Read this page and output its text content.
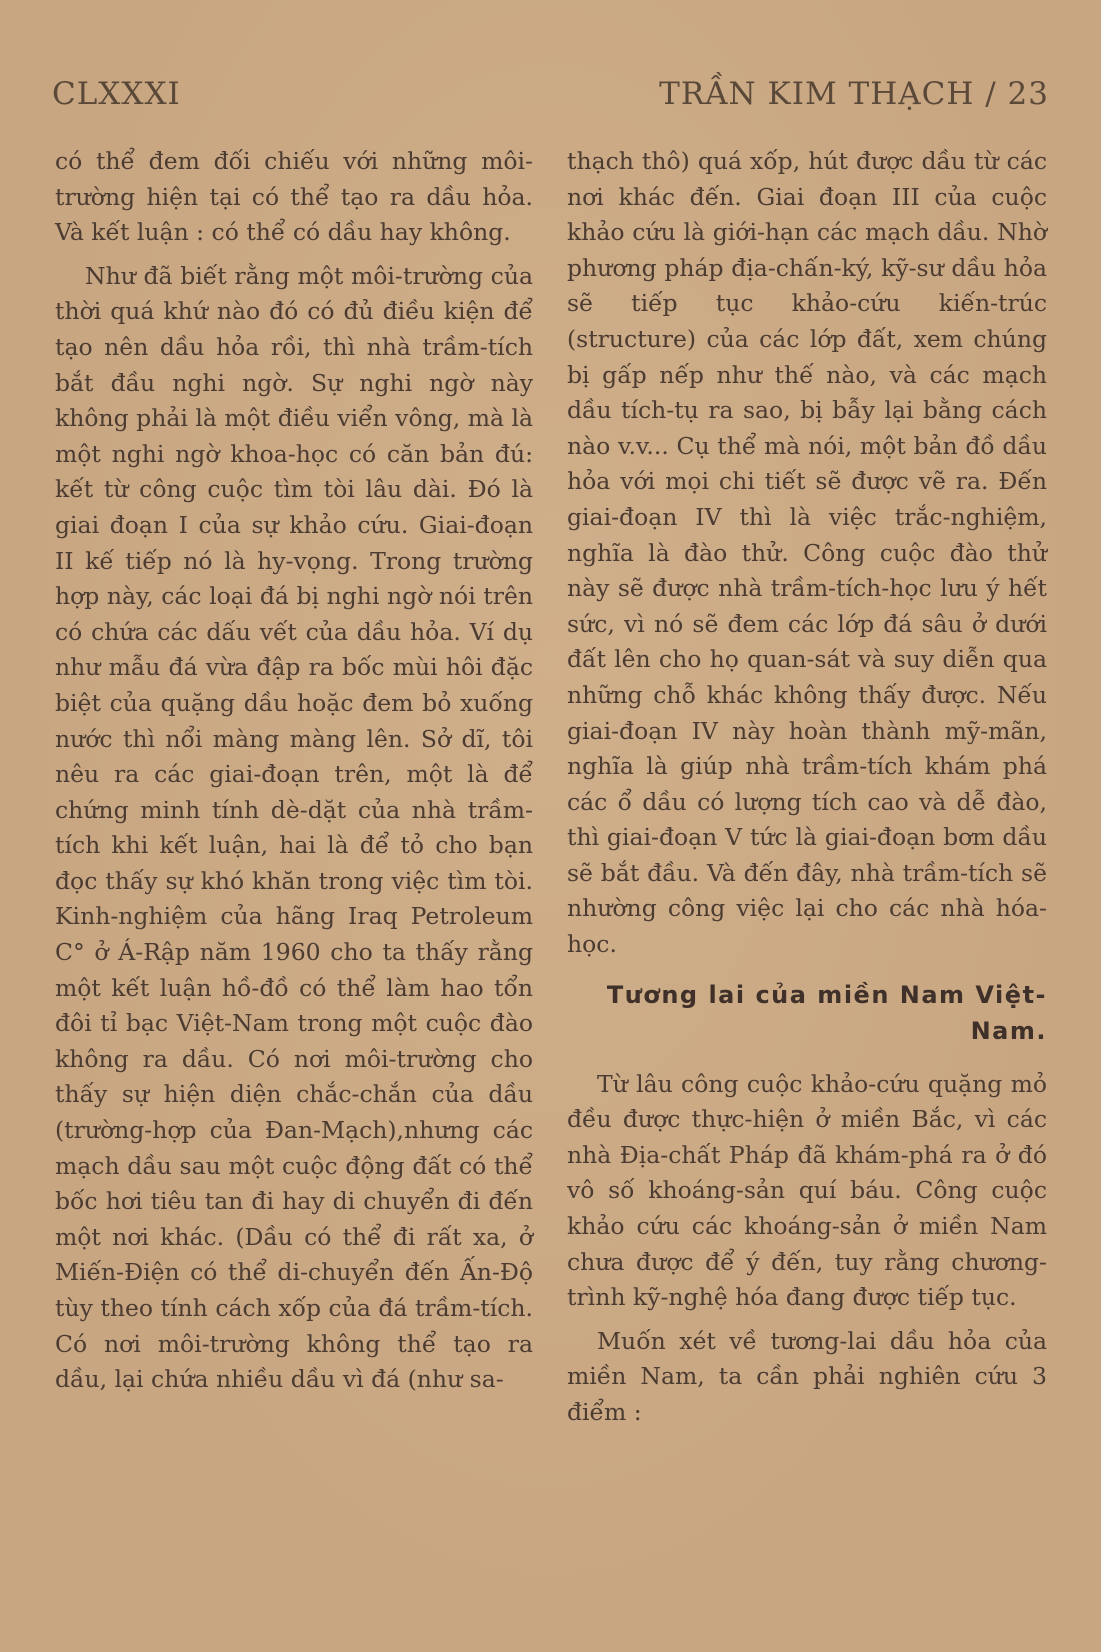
CLXXXI	TRẦN KIM THẠCH / 23

có thể đem đối chiếu với những môi-trường hiện tại có thể tạo ra dầu hỏa. Và kết luận : có thể có dầu hay không.

Như đã biết rằng một môi-trường của thời quá khứ nào đó có đủ điều kiện để tạo nên dầu hỏa rồi, thì nhà trầm-tích bắt đầu nghi ngờ. Sự nghi ngờ này không phải là một điều viển vông, mà là một nghi ngờ khoa-học có căn bản đú: kết từ công cuộc tìm tòi lâu dài. Đó là giai đoạn I của sự khảo cứu. Giai-đoạn II kế tiếp nó là hy-vọng. Trong trường hợp này, các loại đá bị nghi ngờ nói trên có chứa các dấu vết của dầu hỏa. Ví dụ như mẫu đá vừa đập ra bốc mùi hôi đặc biệt của quặng dầu hoặc đem bỏ xuống nước thì nổi màng màng lên. Sở dĩ, tôi nêu ra các giai-đoạn trên, một là để chứng minh tính dè-dặt của nhà trầm-tích khi kết luận, hai là để tỏ cho bạn đọc thấy sự khó khăn trong việc tìm tòi. Kinh-nghiệm của hãng Iraq Petroleum C° ở Á-Rập năm 1960 cho ta thấy rằng một kết luận hồ-đồ có thể làm hao tổn đôi tỉ bạc Việt-Nam trong một cuộc đào không ra dầu. Có nơi môi-trường cho thấy sự hiện diện chắc-chắn của dầu (trường-hợp của Đan-Mạch),nhưng các mạch dầu sau một cuộc động đất có thể bốc hơi tiêu tan đi hay di chuyển đi đến một nơi khác. (Dầu có thể đi rất xa, ở Miến-Điện có thể di-chuyển đến Ấn-Độ tùy theo tính cách xốp của đá trầm-tích. Có nơi môi-trường không thể tạo ra dầu, lại chứa nhiều dầu vì đá (như sa-

thạch thô) quá xốp, hút được dầu từ các nơi khác đến. Giai đoạn III của cuộc khảo cứu là giới-hạn các mạch dầu. Nhờ phương pháp địa-chấn-ký, kỹ-sư dầu hỏa sẽ tiếp tục khảo-cứu kiến-trúc (structure) của các lớp đất, xem chúng bị gấp nếp như thế nào, và các mạch dầu tích-tụ ra sao, bị bẫy lại bằng cách nào v.v... Cụ thể mà nói, một bản đồ dầu hỏa với mọi chi tiết sẽ được vẽ ra. Đến giai-đoạn IV thì là việc trắc-nghiệm, nghĩa là đào thử. Công cuộc đào thử này sẽ được nhà trầm-tích-học lưu ý hết sức, vì nó sẽ đem các lớp đá sâu ở dưới đất lên cho họ quan-sát và suy diễn qua những chỗ khác không thấy được. Nếu giai-đoạn IV này hoàn thành mỹ-mãn, nghĩa là giúp nhà trầm-tích khám phá các ổ dầu có lượng tích cao và dễ đào, thì giai-đoạn V tức là giai-đoạn bơm dầu sẽ bắt đầu. Và đến đây, nhà trầm-tích sẽ nhường công việc lại cho các nhà hóa-học.

Tương lai của miền Nam Việt-Nam.

Từ lâu công cuộc khảo-cứu quặng mỏ đều được thực-hiện ở miền Bắc, vì các nhà Địa-chất Pháp đã khám-phá ra ở đó vô số khoáng-sản quí báu. Công cuộc khảo cứu các khoáng-sản ở miền Nam chưa được để ý đến, tuy rằng chương-trình kỹ-nghệ hóa đang được tiếp tục.

Muốn xét về tương-lai dầu hỏa của miền Nam, ta cần phải nghiên cứu 3 điểm :
